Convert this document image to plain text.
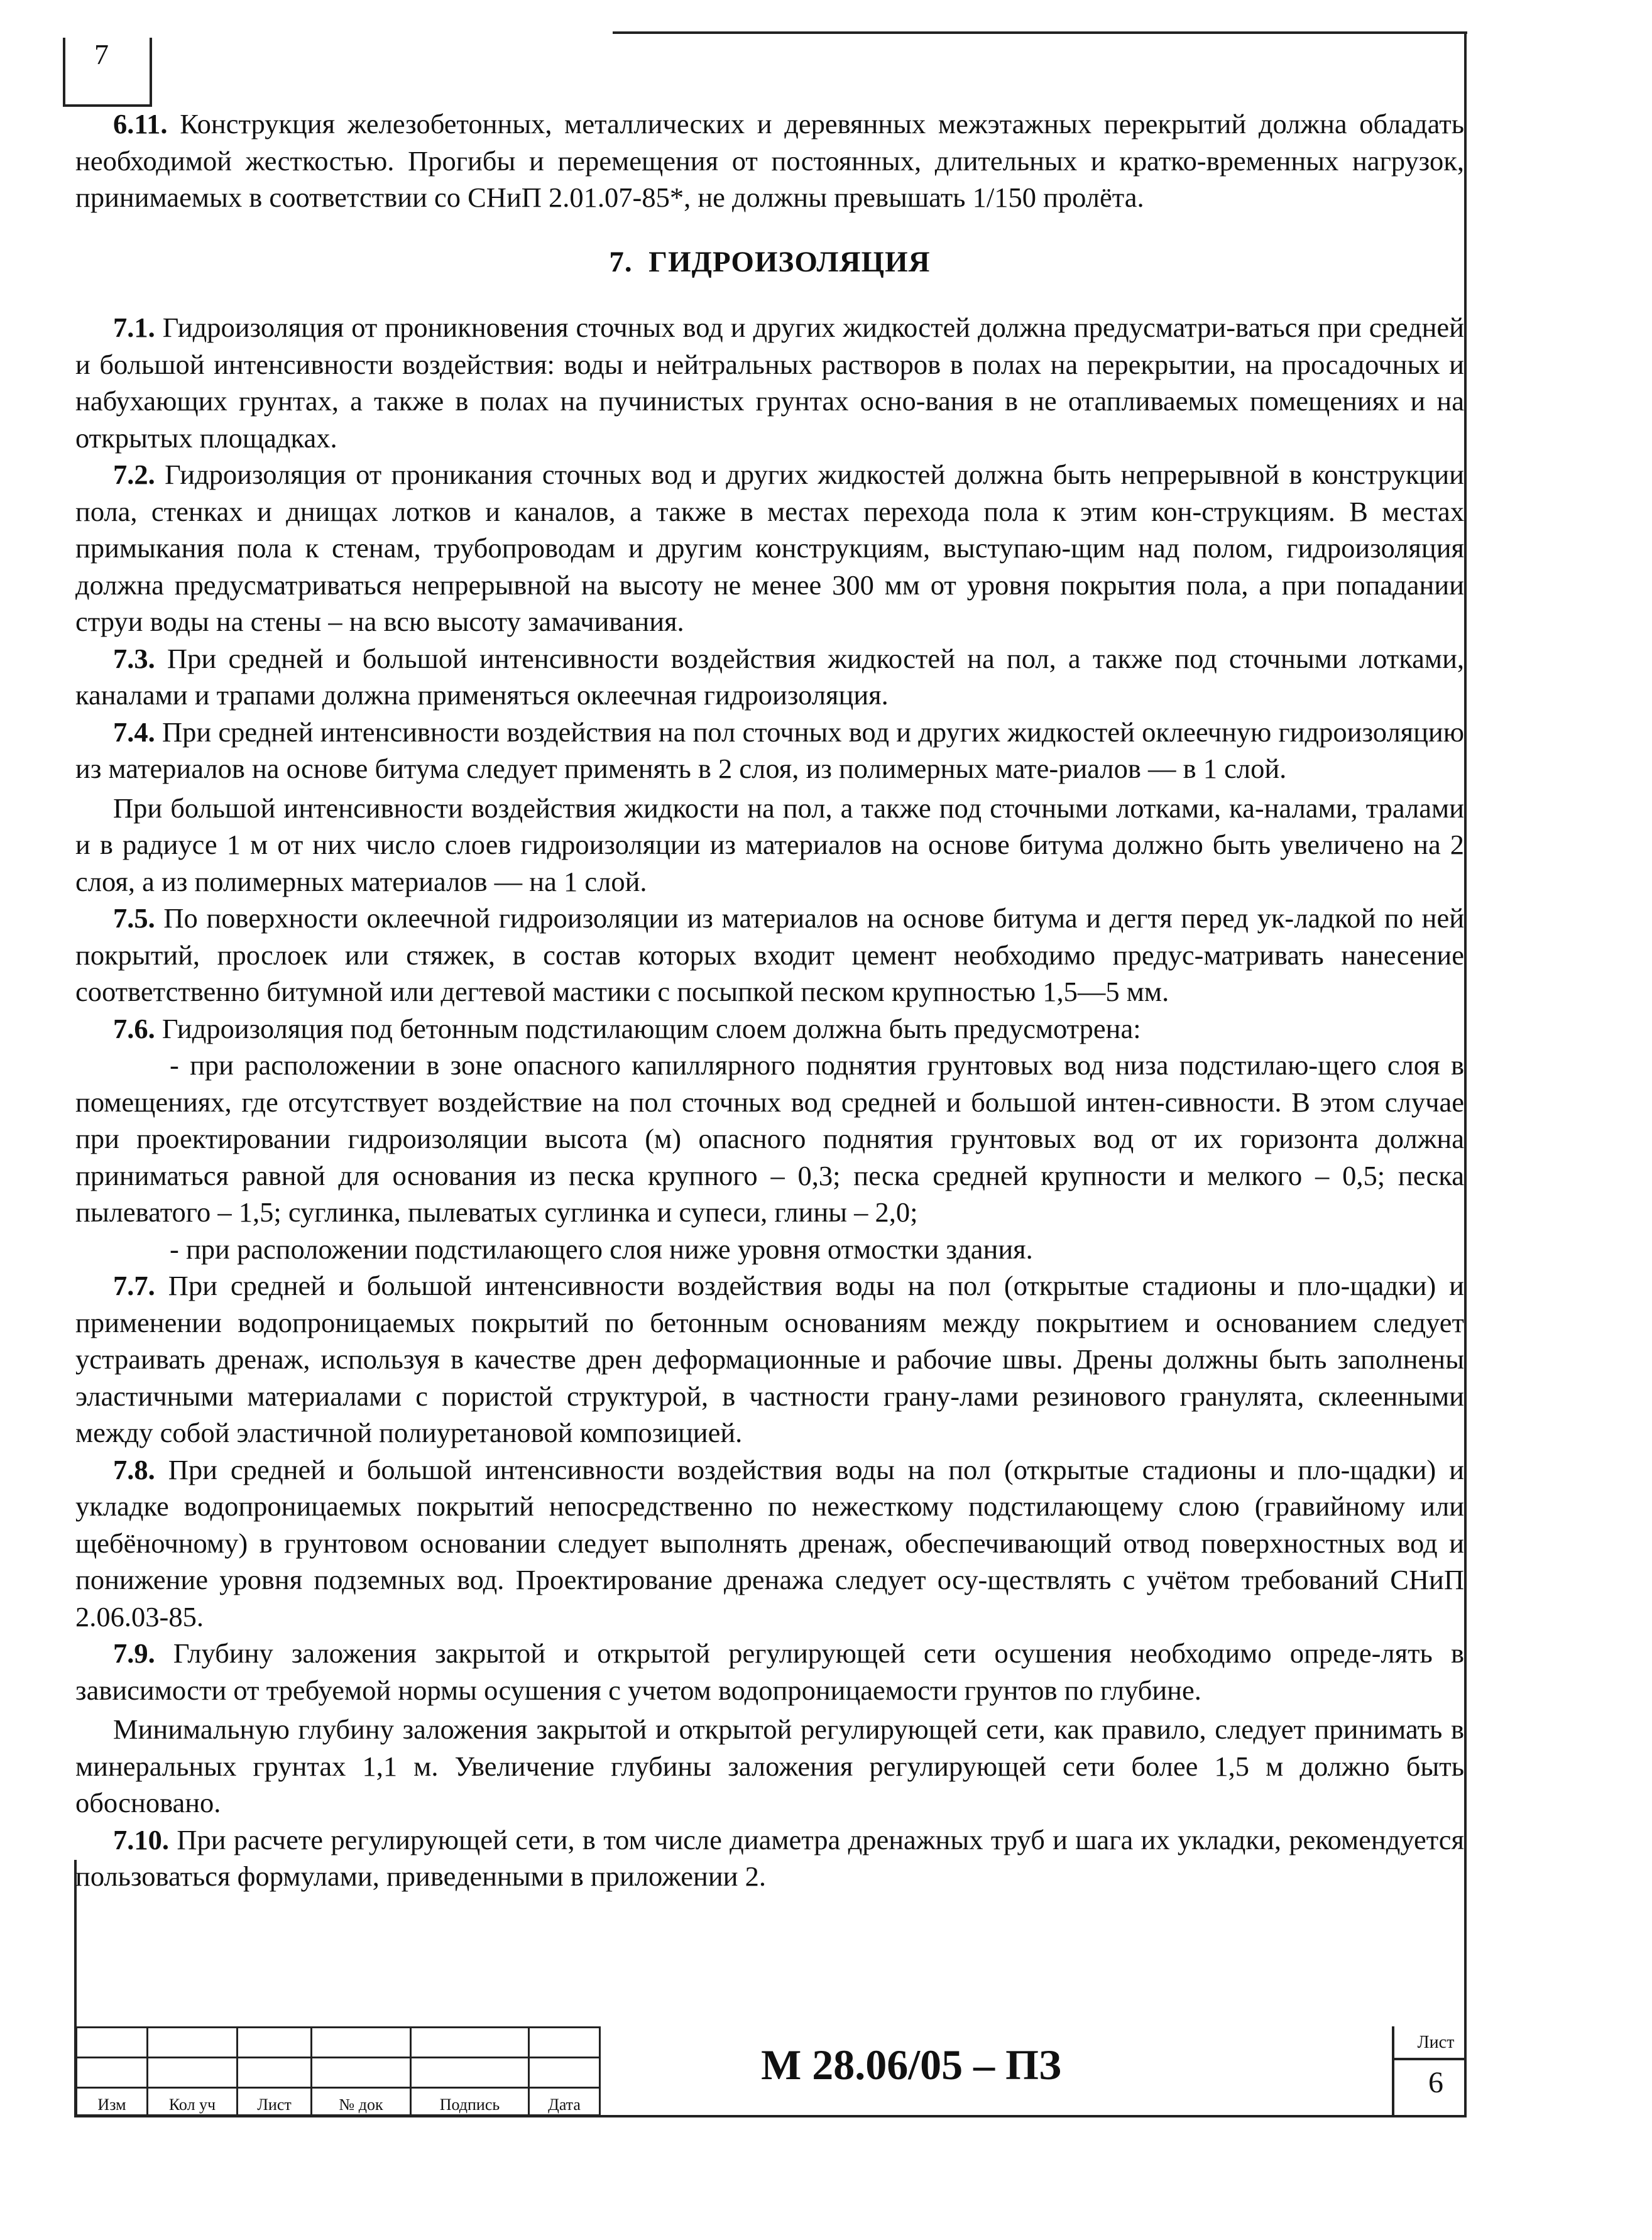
7

6.11. Конструкция железобетонных, металлических и деревянных межэтажных перекрытий должна обладать необходимой жесткостью. Прогибы и перемещения от постоянных, длительных и кратко-временных нагрузок, принимаемых в соответствии со СНиП 2.01.07-85*, не должны превышать 1/150 пролёта.

7. ГИДРОИЗОЛЯЦИЯ

7.1. Гидроизоляция от проникновения сточных вод и других жидкостей должна предусматри-ваться при средней и большой интенсивности воздействия: воды и нейтральных растворов в полах на перекрытии, на просадочных и набухающих грунтах, а также в полах на пучинистых грунтах осно-вания в не отапливаемых помещениях и на открытых площадках.

7.2. Гидроизоляция от проникания сточных вод и других жидкостей должна быть непрерывной в конструкции пола, стенках и днищах лотков и каналов, а также в местах перехода пола к этим кон-струкциям. В местах примыкания пола к стенам, трубопроводам и другим конструкциям, выступаю-щим над полом, гидроизоляция должна предусматриваться непрерывной на высоту не менее 300 мм от уровня покрытия пола, а при попадании струи воды на стены – на всю высоту замачивания.

7.3. При средней и большой интенсивности воздействия жидкостей на пол, а также под сточными лотками, каналами и трапами должна применяться оклеечная гидроизоляция.

7.4. При средней интенсивности воздействия на пол сточных вод и других жидкостей оклеечную гидроизоляцию из материалов на основе битума следует применять в 2 слоя, из полимерных мате-риалов — в 1 слой.

При большой интенсивности воздействия жидкости на пол, а также под сточными лотками, ка-налами, тралами и в радиусе 1 м от них число слоев гидроизоляции из материалов на основе битума должно быть увеличено на 2 слоя, а из полимерных материалов — на 1 слой.

7.5. По поверхности оклеечной гидроизоляции из материалов на основе битума и дегтя перед ук-ладкой по ней покрытий, прослоек или стяжек, в состав которых входит цемент необходимо предус-матривать нанесение соответственно битумной или дегтевой мастики с посыпкой песком крупностью 1,5—5 мм.

7.6. Гидроизоляция под бетонным подстилающим слоем должна быть предусмотрена:

- при расположении в зоне опасного капиллярного поднятия грунтовых вод низа подстилаю-щего слоя в помещениях, где отсутствует воздействие на пол сточных вод средней и большой интен-сивности. В этом случае при проектировании гидроизоляции высота (м) опасного поднятия грунтовых вод от их горизонта должна приниматься равной для основания из песка крупного – 0,3; песка средней крупности и мелкого – 0,5; песка пылеватого – 1,5; суглинка, пылеватых суглинка и супеси, глины – 2,0;

- при расположении подстилающего слоя ниже уровня отмостки здания.

7.7. При средней и большой интенсивности воздействия воды на пол (открытые стадионы и пло-щадки) и применении водопроницаемых покрытий по бетонным основаниям между покрытием и основанием следует устраивать дренаж, используя в качестве дрен деформационные и рабочие швы. Дрены должны быть заполнены эластичными материалами с пористой структурой, в частности грану-лами резинового гранулята, склеенными между собой эластичной полиуретановой композицией.

7.8. При средней и большой интенсивности воздействия воды на пол (открытые стадионы и пло-щадки) и укладке водопроницаемых покрытий непосредственно по нежесткому подстилающему слою (гравийному или щебёночному) в грунтовом основании следует выполнять дренаж, обеспечивающий отвод поверхностных вод и понижение уровня подземных вод. Проектирование дренажа следует осу-ществлять с учётом требований СНиП 2.06.03-85.

7.9. Глубину заложения закрытой и открытой регулирующей сети осушения необходимо опреде-лять в зависимости от требуемой нормы осушения с учетом водопроницаемости грунтов по глубине.

Минимальную глубину заложения закрытой и открытой регулирующей сети, как правило, следует принимать в минеральных грунтах 1,1 м. Увеличение глубины заложения регулирующей сети более 1,5 м должно быть обосновано.

7.10. При расчете регулирующей сети, в том числе диаметра дренажных труб и шага их укладки, рекомендуется пользоваться формулами, приведенными в приложении 2.

Изм	Кол уч	Лист	№ док	Подпись	Дата
М 28.06/05 – ПЗ	Лист
6
